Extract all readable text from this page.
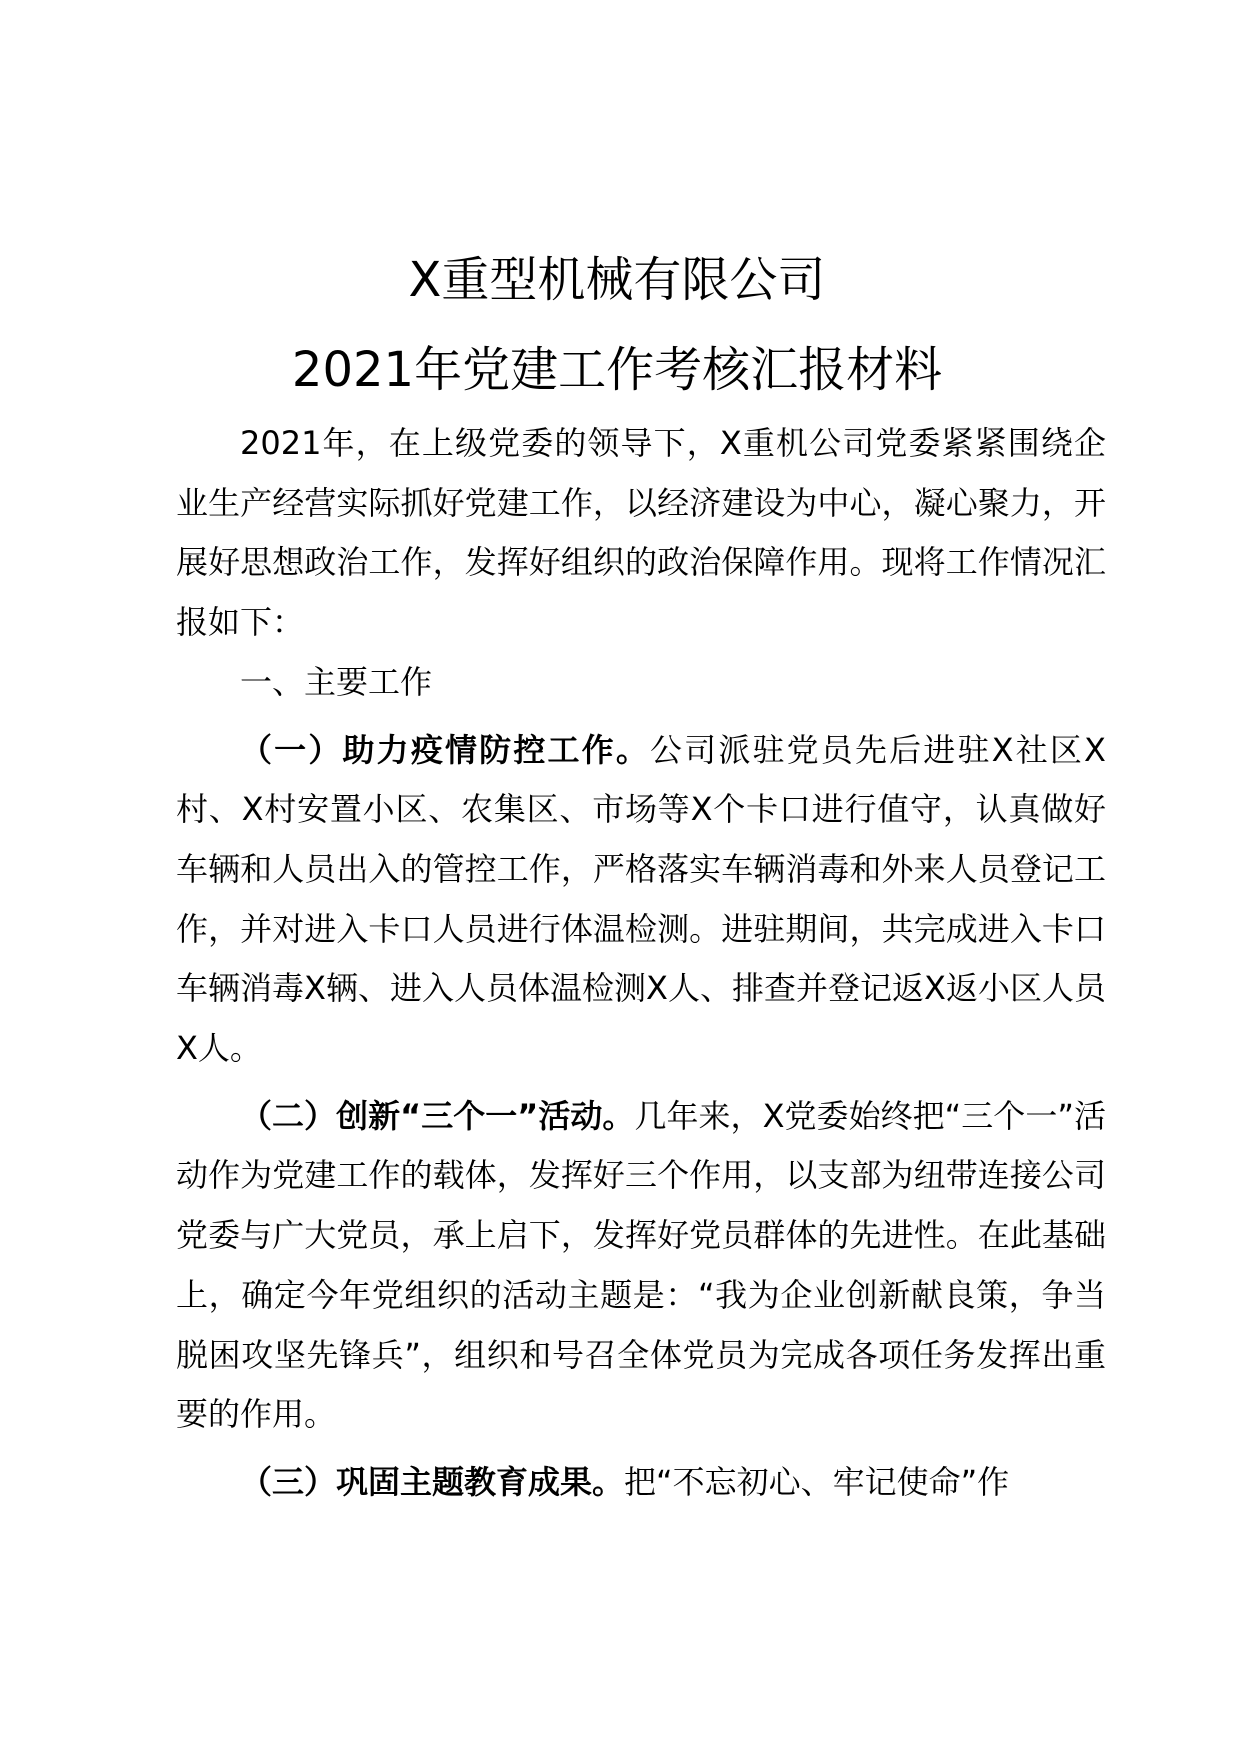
X重型机械有限公司
2021年党建工作考核汇报材料

2021年，在上级党委的领导下，X重机公司党委紧紧围绕企业生产经营实际抓好党建工作，以经济建设为中心，凝心聚力，开展好思想政治工作，发挥好组织的政治保障作用。现将工作情况汇报如下：

一、主要工作

（一）助力疫情防控工作。公司派驻党员先后进驻X社区X村、X村安置小区、农集区、市场等X个卡口进行值守，认真做好车辆和人员出入的管控工作，严格落实车辆消毒和外来人员登记工作，并对进入卡口人员进行体温检测。进驻期间，共完成进入卡口车辆消毒X辆、进入人员体温检测X人、排查并登记返X返小区人员X人。

（二）创新“三个一”活动。几年来，X党委始终把“三个一”活动作为党建工作的载体，发挥好三个作用，以支部为纽带连接公司党委与广大党员，承上启下，发挥好党员群体的先进性。在此基础上，确定今年党组织的活动主题是：“我为企业创新献良策，争当脱困攻坚先锋兵”，组织和号召全体党员为完成各项任务发挥出重要的作用。

（三）巩固主题教育成果。把“不忘初心、牢记使命”作
